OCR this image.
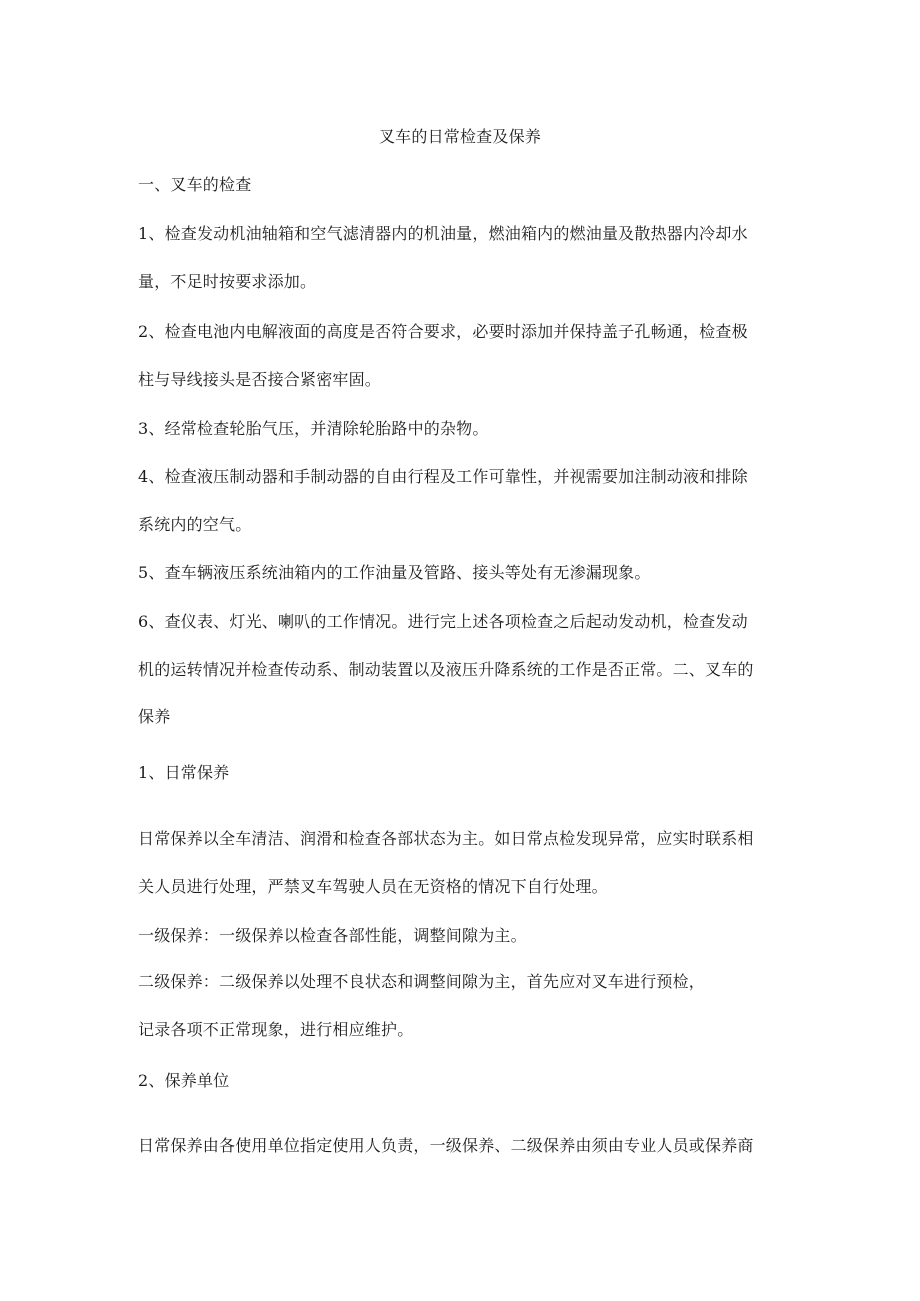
叉车的日常检查及保养
一、叉车的检查
1、检查发动机油轴箱和空气滤清器内的机油量，燃油箱内的燃油量及散热器内冷却水
量，不足时按要求添加。
2、检查电池内电解液面的高度是否符合要求，必要时添加并保持盖子孔畅通，检查极
柱与导线接头是否接合紧密牢固。
3、经常检查轮胎气压，并清除轮胎路中的杂物。
4、检查液压制动器和手制动器的自由行程及工作可靠性，并视需要加注制动液和排除
系统内的空气。
5、查车辆液压系统油箱内的工作油量及管路、接头等处有无渗漏现象。
6、查仪表、灯光、喇叭的工作情况。进行完上述各项检查之后起动发动机，检查发动
机的运转情况并检查传动系、制动装置以及液压升降系统的工作是否正常。二、叉车的
保养
1、日常保养
日常保养以全车清洁、润滑和检查各部状态为主。如日常点检发现异常，应实时联系相
关人员进行处理，严禁叉车驾驶人员在无资格的情况下自行处理。
一级保养：一级保养以检查各部性能，调整间隙为主。
二级保养：二级保养以处理不良状态和调整间隙为主，首先应对叉车进行预检，
记录各项不正常现象，进行相应维护。
2、保养单位
日常保养由各使用单位指定使用人负责，一级保养、二级保养由须由专业人员或保养商
